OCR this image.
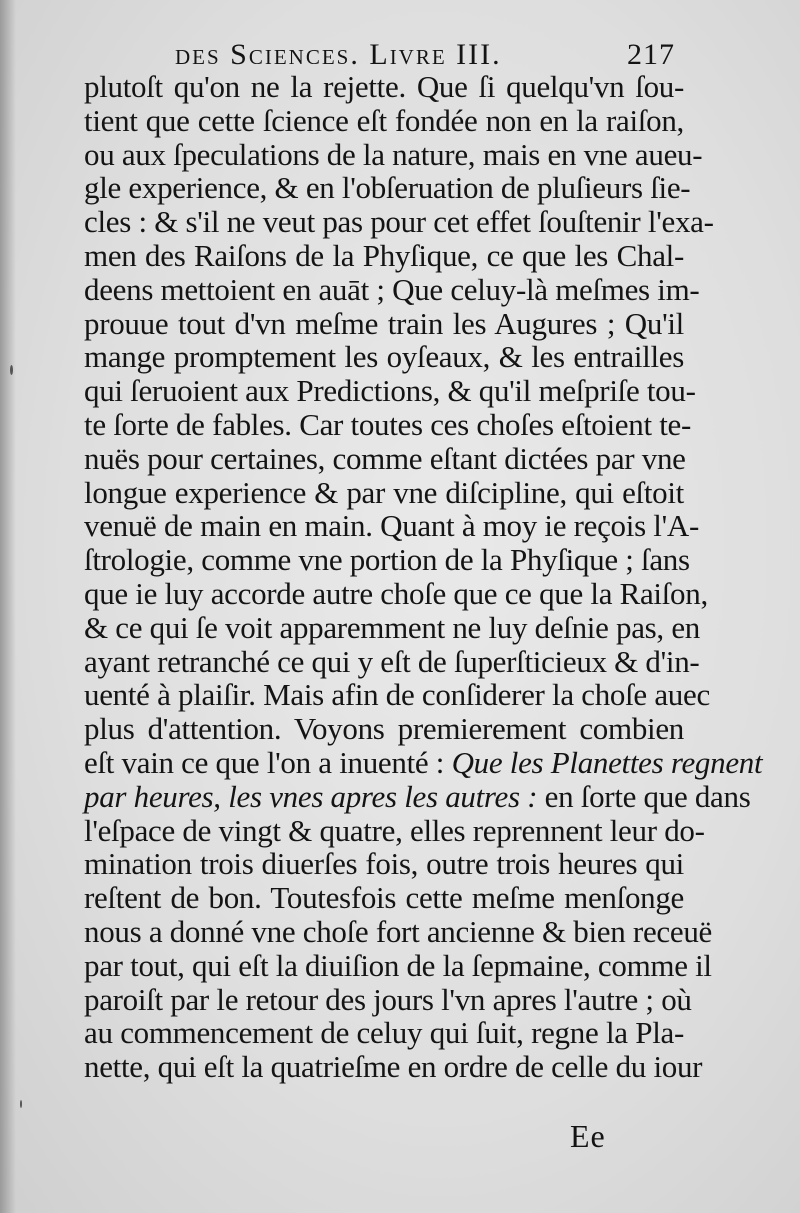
des Sciences. Livre III.	217
plutoſt qu'on ne la rejette. Que ſi quelqu'vn ſou-
tient que cette ſcience eſt fondée non en la raiſon,
ou aux ſpeculations de la nature, mais en vne aueu-
gle experience, & en l'obſeruation de pluſieurs ſie-
cles : & s'il ne veut pas pour cet effet ſouſtenir l'exa-
men des Raiſons de la Phyſique, ce que les Chal-
deens mettoient en auāt ; Que celuy-là meſmes im-
prouue tout d'vn meſme train les Augures ; Qu'il
mange promptement les oyſeaux, & les entrailles
qui ſeruoient aux Predictions, & qu'il meſpriſe tou-
te ſorte de fables. Car toutes ces choſes eſtoient te-
nuës pour certaines, comme eſtant dictées par vne
longue experience & par vne diſcipline, qui eſtoit
venuë de main en main. Quant à moy ie reçois l'A-
ſtrologie, comme vne portion de la Phyſique ; ſans
que ie luy accorde autre choſe que ce que la Raiſon,
& ce qui ſe voit apparemment ne luy deſnie pas, en
ayant retranché ce qui y eſt de ſuperſticieux & d'in-
uenté à plaiſir. Mais afin de conſiderer la choſe auec
plus d'attention. Voyons premierement combien
eſt vain ce que l'on a inuenté : Que les Planettes regnent
par heures, les vnes apres les autres : en ſorte que dans
l'eſpace de vingt & quatre, elles reprennent leur do-
mination trois diuerſes fois, outre trois heures qui
reſtent de bon. Toutesfois cette meſme menſonge
nous a donné vne choſe fort ancienne & bien receuë
par tout, qui eſt la diuiſion de la ſepmaine, comme il
paroiſt par le retour des jours l'vn apres l'autre ; où
au commencement de celuy qui ſuit, regne la Pla-
nette, qui eſt la quatrieſme en ordre de celle du iour
Ee
